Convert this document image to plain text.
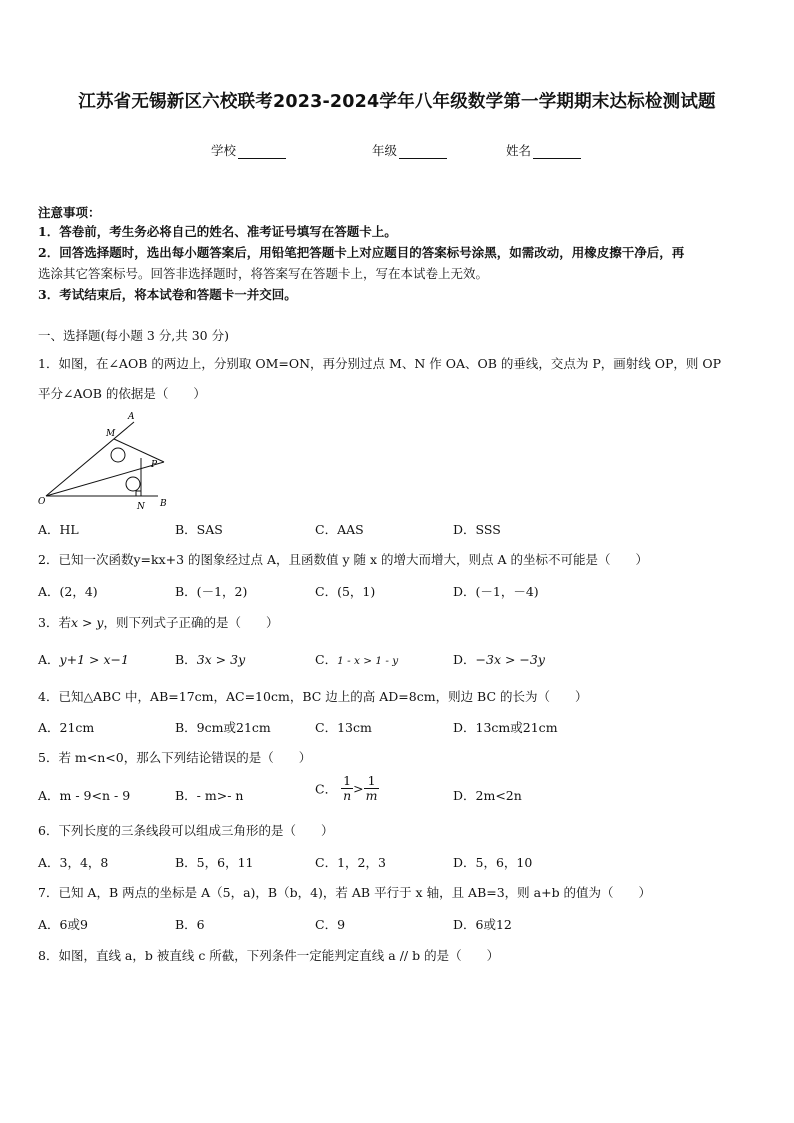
江苏省无锡新区六校联考2023-2024学年八年级数学第一学期期末达标检测试题
学校	年级	姓名
注意事项：
1．答卷前，考生务必将自己的姓名、准考证号填写在答题卡上。
2．回答选择题时，选出每小题答案后，用铅笔把答题卡上对应题目的答案标号涂黑，如需改动，用橡皮擦干净后，再
选涂其它答案标号。回答非选择题时，将答案写在答题卡上，写在本试卷上无效。
3．考试结束后，将本试卷和答题卡一并交回。
一、选择题(每小题 3 分,共 30 分)
1．如图，在∠AOB 的两边上，分别取 OM=ON，再分别过点 M、N 作 OA、OB 的垂线，交点为 P，画射线 OP，则 OP
平分∠AOB 的依据是（　　）
A
M
P
O	N B
A．HL	B．SAS	C．AAS	D．SSS
2．已知一次函数y=kx+3 的图象经过点 A，且函数值 y 随 x 的增大而增大，则点 A 的坐标不可能是（　　）
A．(2，4)	B．(－1，2)	C．(5，1)	D．(－1，－4)
3．若x > y，则下列式子正确的是（　　）
A．y+1 > x−1	B．3x > 3y	C．1 - x > 1 - y	D．−3x > −3y
4．已知△ABC 中，AB=17cm，AC=10cm，BC 边上的高 AD=8cm，则边 BC 的长为（　　）
A．21cm	B．9cm或21cm	C．13cm	D．13cm或21cm
5．若 m<n<0，那么下列结论错误的是（　　）
A．m - 9<n - 9	B．- m>- n	C． $\frac{1}{n} > \frac{1}{m}$	D．2m<2n
6．下列长度的三条线段可以组成三角形的是（　　）
A．3，4，8	B．5，6，11	C．1，2，3	D．5，6，10
7．已知 A，B 两点的坐标是 A（5，a)，B（b，4)，若 AB 平行于 x 轴，且 AB=3，则 a+b 的值为（　　）
A．6或9	B．6	C．9	D．6或12
8．如图，直线 a，b 被直线 c 所截，下列条件一定能判定直线 a // b 的是（　　）
